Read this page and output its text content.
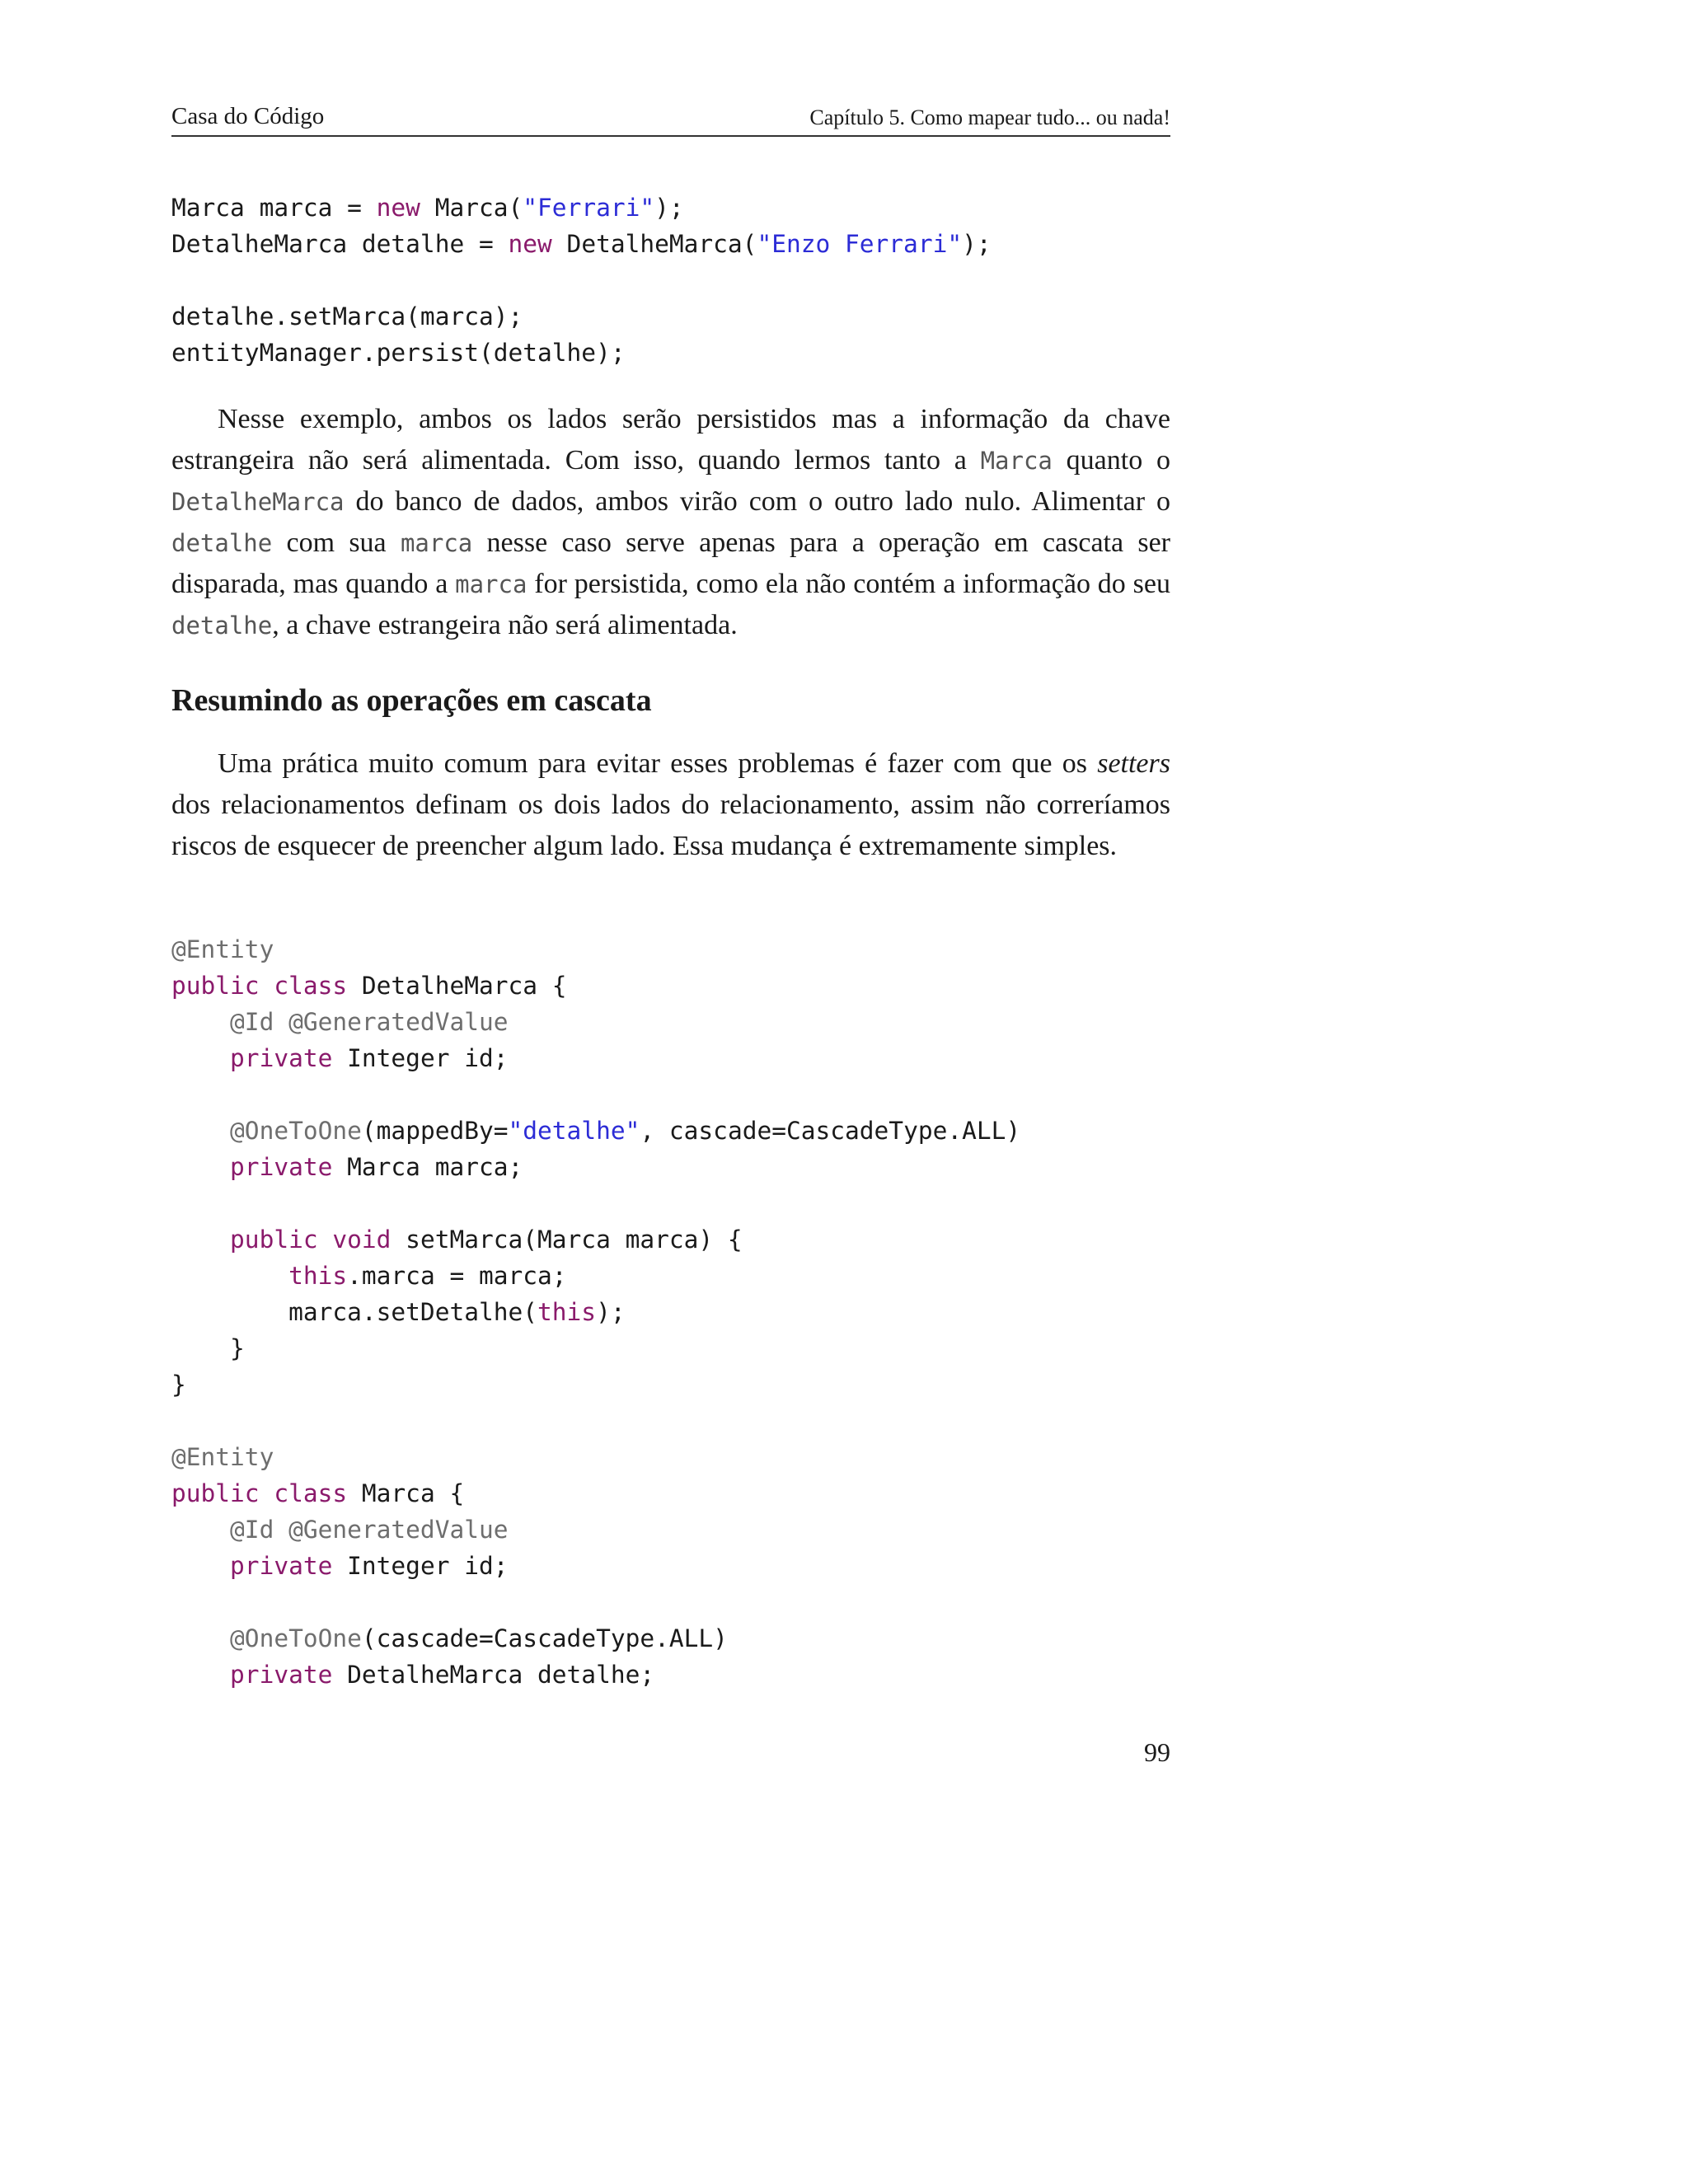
Casa do Código	Capítulo 5. Como mapear tudo... ou nada!
Marca marca = new Marca("Ferrari");
DetalheMarca detalhe = new DetalheMarca("Enzo Ferrari");

detalhe.setMarca(marca);
entityManager.persist(detalhe);

Nesse exemplo, ambos os lados serão persistidos mas a informação da chave estrangeira não será alimentada. Com isso, quando lermos tanto a Marca quanto o DetalheMarca do banco de dados, ambos virão com o outro lado nulo. Alimentar o detalhe com sua marca nesse caso serve apenas para a operação em cascata ser disparada, mas quando a marca for persistida, como ela não contém a informação do seu detalhe, a chave estrangeira não será alimentada.

Resumindo as operações em cascata

Uma prática muito comum para evitar esses problemas é fazer com que os setters dos relacionamentos definam os dois lados do relacionamento, assim não correríamos riscos de esquecer de preencher algum lado. Essa mudança é extremamente simples.

@Entity
public class DetalheMarca {
@Id @GeneratedValue
private Integer id;

@OneToOne(mappedBy="detalhe", cascade=CascadeType.ALL)
private Marca marca;

public void setMarca(Marca marca) {
this.marca = marca;
marca.setDetalhe(this);
}
}

@Entity
public class Marca {
@Id @GeneratedValue
private Integer id;

@OneToOne(cascade=CascadeType.ALL)
private DetalheMarca detalhe;
99
